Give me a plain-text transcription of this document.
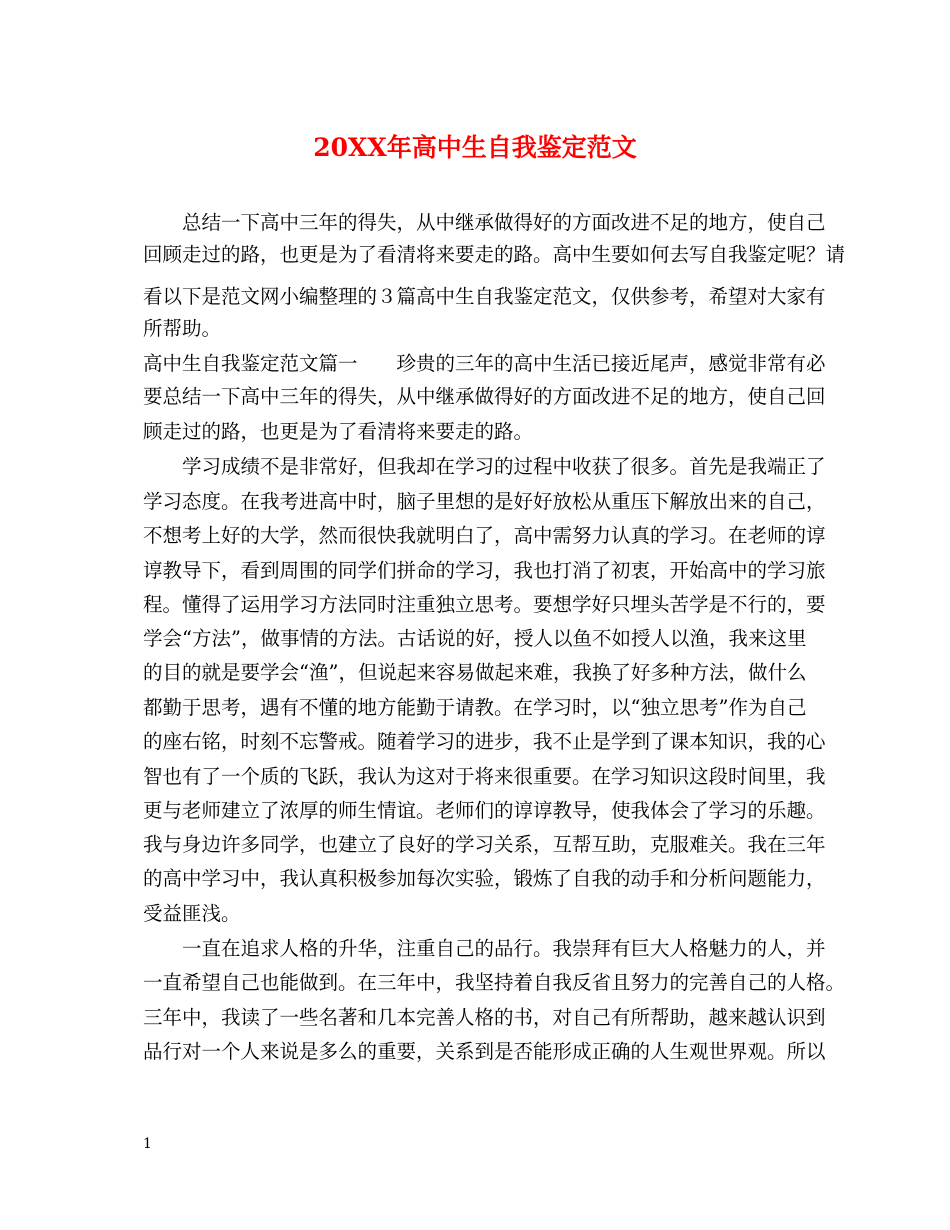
20XX年高中生自我鉴定范文
　　总结一下高中三年的得失，从中继承做得好的方面改进不足的地方，使自己
回顾走过的路，也更是为了看清将来要走的路。高中生要如何去写自我鉴定呢？请
看以下是范文网小编整理的３篇高中生自我鉴定范文，仅供参考，希望对大家有
所帮助。
高中生自我鉴定范文篇一　　珍贵的三年的高中生活已接近尾声，感觉非常有必
要总结一下高中三年的得失，从中继承做得好的方面改进不足的地方，使自己回
顾走过的路，也更是为了看清将来要走的路。
　　学习成绩不是非常好，但我却在学习的过程中收获了很多。首先是我端正了
学习态度。在我考进高中时，脑子里想的是好好放松从重压下解放出来的自己，
不想考上好的大学，然而很快我就明白了，高中需努力认真的学习。在老师的谆
谆教导下，看到周围的同学们拼命的学习，我也打消了初衷，开始高中的学习旅
程。懂得了运用学习方法同时注重独立思考。要想学好只埋头苦学是不行的，要
学会“方法”，做事情的方法。古话说的好，授人以鱼不如授人以渔，我来这里
的目的就是要学会“渔”，但说起来容易做起来难，我换了好多种方法，做什么
都勤于思考，遇有不懂的地方能勤于请教。在学习时，以“独立思考”作为自己
的座右铭，时刻不忘警戒。随着学习的进步，我不止是学到了课本知识，我的心
智也有了一个质的飞跃，我认为这对于将来很重要。在学习知识这段时间里，我
更与老师建立了浓厚的师生情谊。老师们的谆谆教导，使我体会了学习的乐趣。
我与身边许多同学，也建立了良好的学习关系，互帮互助，克服难关。我在三年
的高中学习中，我认真积极参加每次实验，锻炼了自我的动手和分析问题能力，
受益匪浅。
　　一直在追求人格的升华，注重自己的品行。我崇拜有巨大人格魅力的人，并
一直希望自己也能做到。在三年中，我坚持着自我反省且努力的完善自己的人格。
三年中，我读了一些名著和几本完善人格的书，对自己有所帮助，越来越认识到
品行对一个人来说是多么的重要，关系到是否能形成正确的人生观世界观。所以
1
